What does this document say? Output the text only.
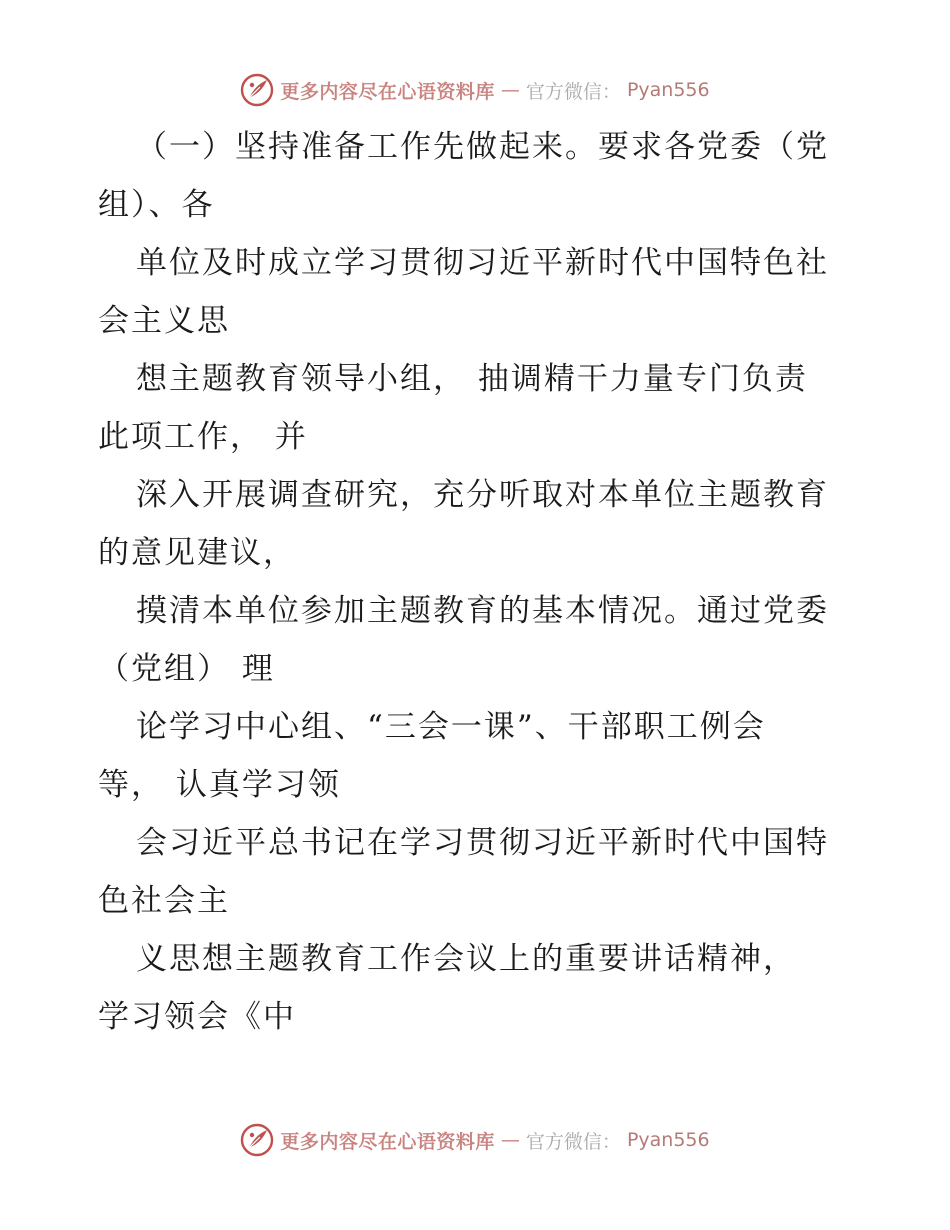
更多内容尽在心语资料库 — 官方微信： Pyan556
（一）坚持准备工作先做起来。要求各党委（党
组）、各
单位及时成立学习贯彻习近平新时代中国特色社
会主义思
想主题教育领导小组， 抽调精干力量专门负责
此项工作， 并
深入开展调查研究，充分听取对本单位主题教育
的意见建议，
摸清本单位参加主题教育的基本情况。通过党委
（党组） 理
论学习中心组、“三会一课”、干部职工例会
等， 认真学习领
会习近平总书记在学习贯彻习近平新时代中国特
色社会主
义思想主题教育工作会议上的重要讲话精神，
学习领会《中
更多内容尽在心语资料库 — 官方微信： Pyan556
